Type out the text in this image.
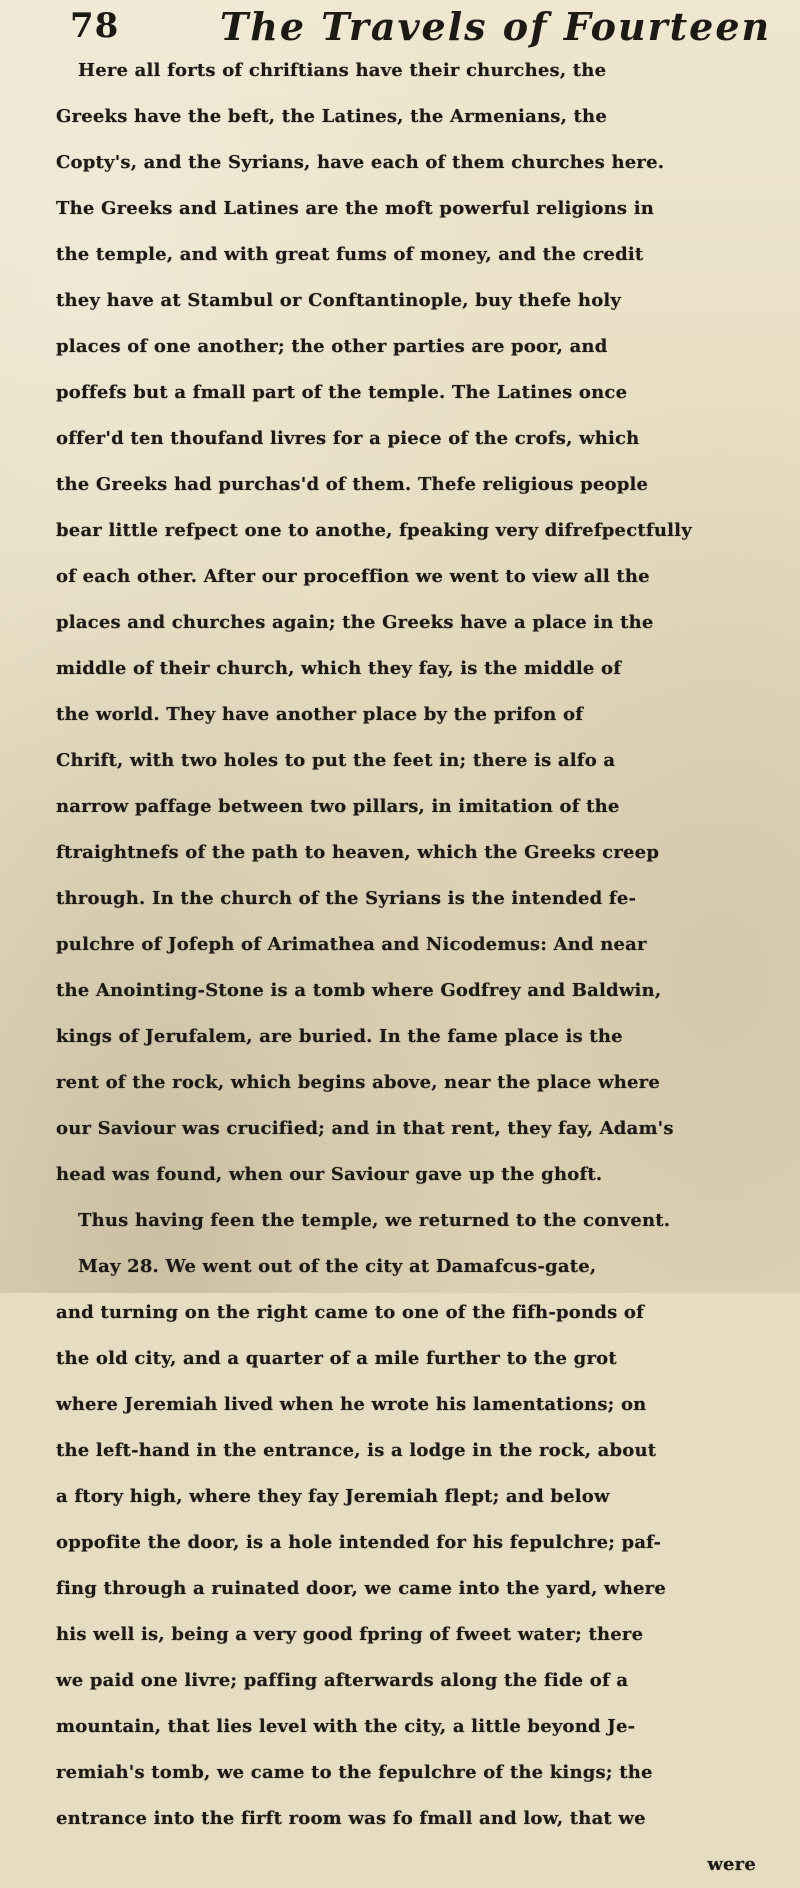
78	The Travels of Fourteen
Here all forts of chriftians have their churches, the
Greeks have the beft, the Latines, the Armenians, the
Copty's, and the Syrians, have each of them churches here.
The Greeks and Latines are the moft powerful religions in
the temple, and with great fums of money, and the credit
they have at Stambul or Conftantinople, buy thefe holy
places of one another; the other parties are poor, and
poffefs but a fmall part of the temple. The Latines once
offer'd ten thoufand livres for a piece of the crofs, which
the Greeks had purchas'd of them. Thefe religious people
bear little refpect one to anothe, fpeaking very difrefpectfully
of each other. After our proceffion we went to view all the
places and churches again; the Greeks have a place in the
middle of their church, which they fay, is the middle of
the world. They have another place by the prifon of
Chrift, with two holes to put the feet in; there is alfo a
narrow paffage between two pillars, in imitation of the
ftraightnefs of the path to heaven, which the Greeks creep
through. In the church of the Syrians is the intended fe-
pulchre of Jofeph of Arimathea and Nicodemus: And near
the Anointing-Stone is a tomb where Godfrey and Baldwin,
kings of Jerufalem, are buried. In the fame place is the
rent of the rock, which begins above, near the place where
our Saviour was crucified; and in that rent, they fay, Adam's
head was found, when our Saviour gave up the ghoft.
Thus having feen the temple, we returned to the convent.
May 28. We went out of the city at Damafcus-gate,
and turning on the right came to one of the fifh-ponds of
the old city, and a quarter of a mile further to the grot
where Jeremiah lived when he wrote his lamentations; on
the left-hand in the entrance, is a lodge in the rock, about
a ftory high, where they fay Jeremiah flept; and below
oppofite the door, is a hole intended for his fepulchre; paf-
fing through a ruinated door, we came into the yard, where
his well is, being a very good fpring of fweet water; there
we paid one livre; paffing afterwards along the fide of a
mountain, that lies level with the city, a little beyond Je-
remiah's tomb, we came to the fepulchre of the kings; the
entrance into the firft room was fo fmall and low, that we
were
